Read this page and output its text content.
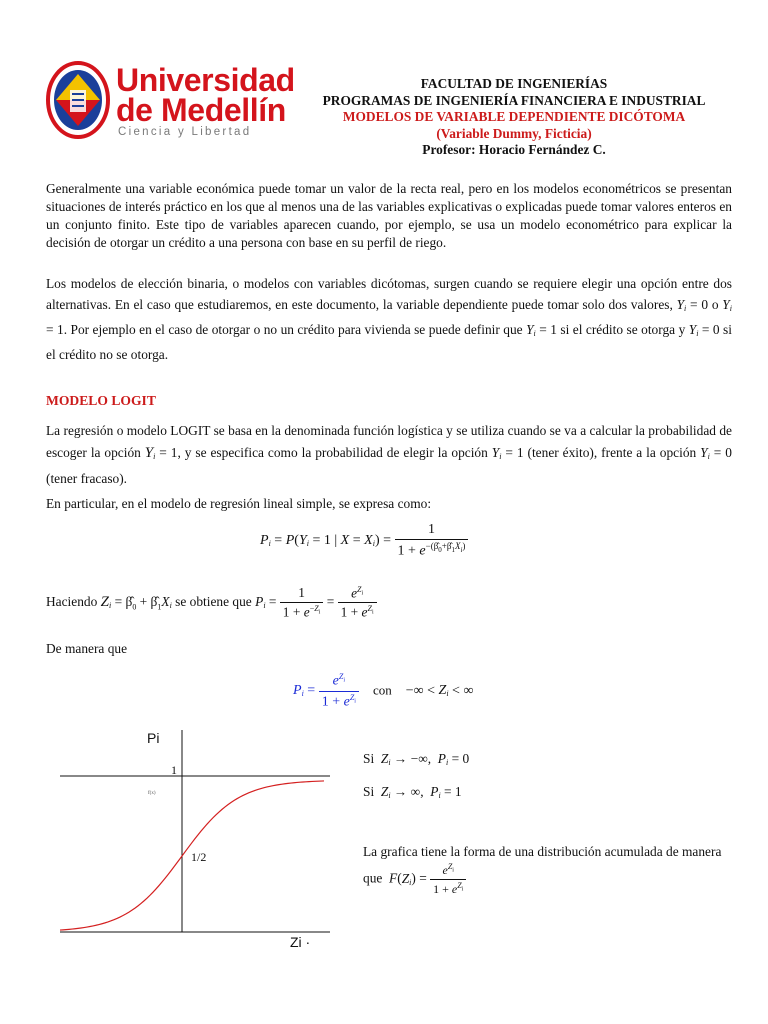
Universidad
de Medellín
Ciencia y Libertad
FACULTAD DE INGENIERÍAS
PROGRAMAS DE INGENIERÍA FINANCIERA E INDUSTRIAL
MODELOS DE VARIABLE DEPENDIENTE DICÓTOMA
(Variable Dummy, Ficticia)
Profesor: Horacio Fernández C.
Generalmente una variable económica puede tomar un valor de la recta real, pero en los modelos econométricos se presentan situaciones de interés práctico en los que al menos una de las variables explicativas o explicadas puede tomar valores enteros en un conjunto finito. Este tipo de variables aparecen cuando, por ejemplo, se usa un modelo econométrico para explicar la decisión de otorgar un crédito a una persona con base en su perfil de riego.
Los modelos de elección binaria, o modelos con variables dicótomas, surgen cuando se requiere elegir una opción entre dos alternativas. En el caso que estudiaremos, en este documento, la variable dependiente puede tomar solo dos valores, $Y_i = 0$ o $Y_i = 1$. Por ejemplo en el caso de otorgar o no un crédito para vivienda se puede definir que $Y_i = 1$ si el crédito se otorga y $Y_i = 0$ si el crédito no se otorga.
MODELO LOGIT
La regresión o modelo LOGIT se basa en la denominada función logística y se utiliza cuando se va a calcular la probabilidad de escoger la opción $Y_i = 1$, y se especifica como la probabilidad de elegir la opción $Y_i = 1$ (tener éxito), frente a la opción $Y_i = 0$ (tener fracaso).
En particular, en el modelo de regresión lineal simple, se expresa como:
$P_i = P(Y_i = 1$ | $X = X_i) = \frac{1}{1 + e^{-(\betâ_0+\betâ_1X_i)}}$
Haciendo $Z_i$ = $\betâ_0$ + $\betâ_1X_i$ se obtiene que $P_i = \frac{1}{1 + e^{-Z_i}} = \frac{e^{Z_i}}{1 + e^{Z_i}}$
De manera que
$P_i = \frac{e^{Z_i}}{1 + e^{Z_i}}$ con    −∞ < $Z_i$ < ∞
Pi
1
f(x)
1/2
Zi ·
Si $Z_i$ → −∞,  $P_i = 0$
Si $Z_i$ → ∞,  $P_i = 1$
La grafica tiene la forma de una distribución acumulada de manera
que $F(Z_i) = \frac{e^{Z_i}}{1 + e^{Z_i}}$
